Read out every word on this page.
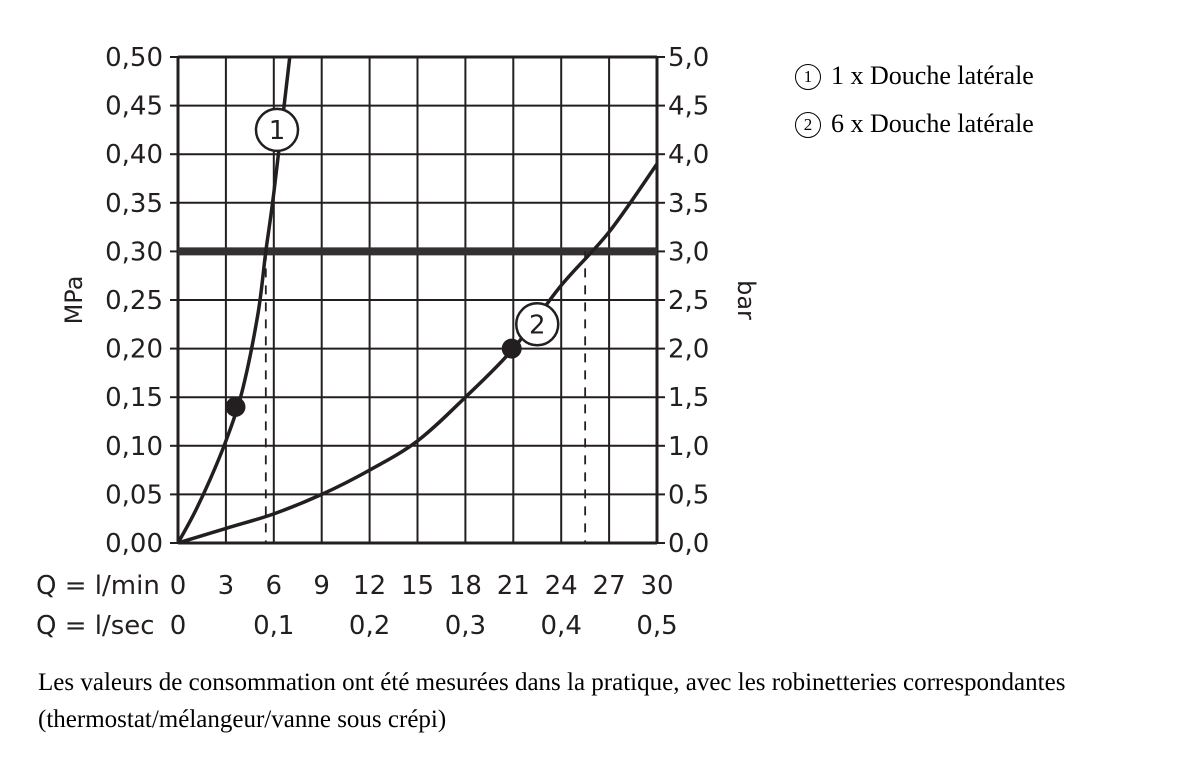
1
2
0,00
0,05
0,10
0,15
0,20
0,25
0,30
0,35
0,40
0,45
0,50
0,0
0,5
1,0
1,5
2,0
2,5
3,0
3,5
4,0
4,5
5,0
0 3 6 9 12 15 18 21 24 27 30
0	0,1 0,2 0,3 0,4 0,5
MPa	bar
Q = l/min
Q = l/sec
1 1 x Douche latérale
2 6 x Douche latérale
Les valeurs de consommation ont été mesurées dans la pratique, avec les robinetteries correspondantes (thermostat/mélangeur/vanne sous crépi)
